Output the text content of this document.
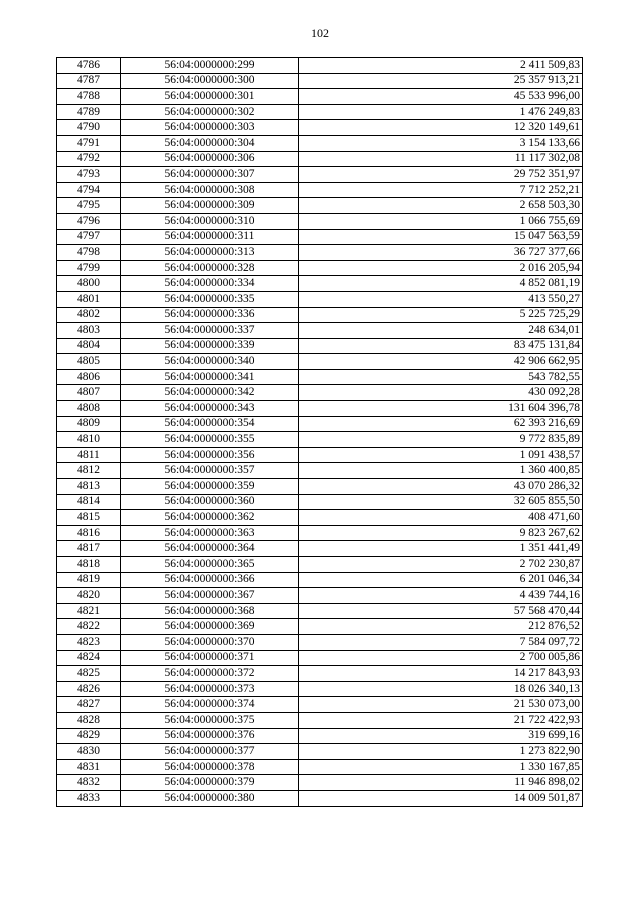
102
4786	56:04:0000000:299	2 411 509,83
4787	56:04:0000000:300	25 357 913,21
4788	56:04:0000000:301	45 533 996,00
4789	56:04:0000000:302	1 476 249,83
4790	56:04:0000000:303	12 320 149,61
4791	56:04:0000000:304	3 154 133,66
4792	56:04:0000000:306	11 117 302,08
4793	56:04:0000000:307	29 752 351,97
4794	56:04:0000000:308	7 712 252,21
4795	56:04:0000000:309	2 658 503,30
4796	56:04:0000000:310	1 066 755,69
4797	56:04:0000000:311	15 047 563,59
4798	56:04:0000000:313	36 727 377,66
4799	56:04:0000000:328	2 016 205,94
4800	56:04:0000000:334	4 852 081,19
4801	56:04:0000000:335	413 550,27
4802	56:04:0000000:336	5 225 725,29
4803	56:04:0000000:337	248 634,01
4804	56:04:0000000:339	83 475 131,84
4805	56:04:0000000:340	42 906 662,95
4806	56:04:0000000:341	543 782,55
4807	56:04:0000000:342	430 092,28
4808	56:04:0000000:343	131 604 396,78
4809	56:04:0000000:354	62 393 216,69
4810	56:04:0000000:355	9 772 835,89
4811	56:04:0000000:356	1 091 438,57
4812	56:04:0000000:357	1 360 400,85
4813	56:04:0000000:359	43 070 286,32
4814	56:04:0000000:360	32 605 855,50
4815	56:04:0000000:362	408 471,60
4816	56:04:0000000:363	9 823 267,62
4817	56:04:0000000:364	1 351 441,49
4818	56:04:0000000:365	2 702 230,87
4819	56:04:0000000:366	6 201 046,34
4820	56:04:0000000:367	4 439 744,16
4821	56:04:0000000:368	57 568 470,44
4822	56:04:0000000:369	212 876,52
4823	56:04:0000000:370	7 584 097,72
4824	56:04:0000000:371	2 700 005,86
4825	56:04:0000000:372	14 217 843,93
4826	56:04:0000000:373	18 026 340,13
4827	56:04:0000000:374	21 530 073,00
4828	56:04:0000000:375	21 722 422,93
4829	56:04:0000000:376	319 699,16
4830	56:04:0000000:377	1 273 822,90
4831	56:04:0000000:378	1 330 167,85
4832	56:04:0000000:379	11 946 898,02
4833	56:04:0000000:380	14 009 501,87
